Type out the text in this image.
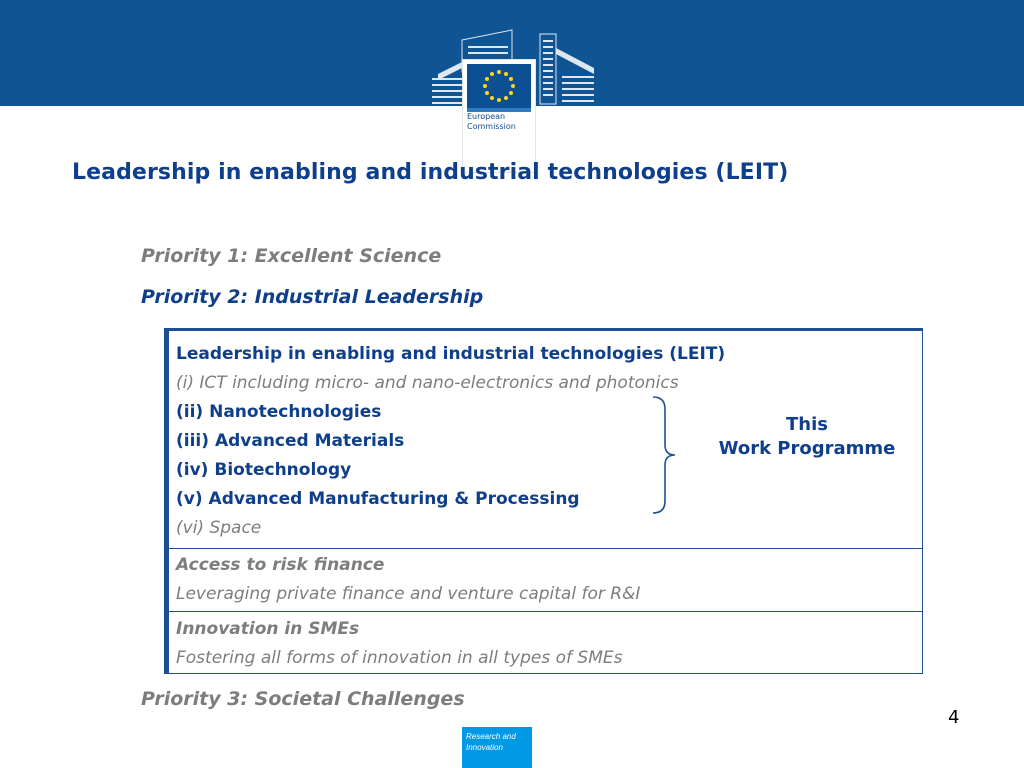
European
Commission
Leadership in enabling and industrial technologies (LEIT)

Priority 1: Excellent Science

Priority 2: Industrial Leadership

Leadership in enabling and industrial technologies (LEIT)

(i) ICT including micro- and nano-electronics and photonics

(ii) Nanotechnologies

(iii) Advanced Materials

(iv) Biotechnology

(v) Advanced Manufacturing & Processing

(vi) Space

This
Work Programme

Access to risk finance

Leveraging private finance and venture capital for R&I

Innovation in SMEs

Fostering all forms of innovation in all types of SMEs

Priority 3: Societal Challenges

4

Research and
Innovation
